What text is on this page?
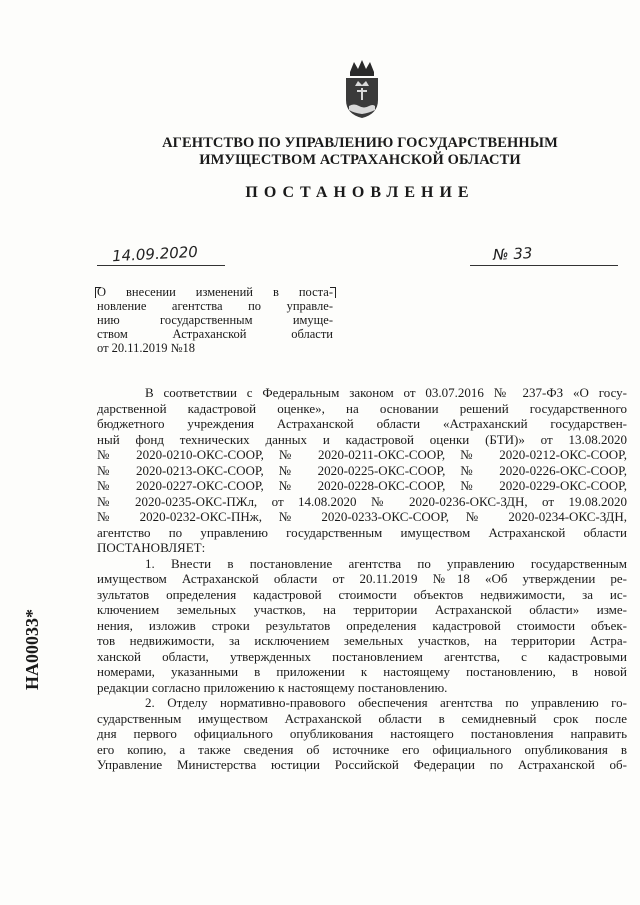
АГЕНТСТВО ПО УПРАВЛЕНИЮ ГОСУДАРСТВЕННЫМ
ИМУЩЕСТВОМ АСТРАХАНСКОЙ ОБЛАСТИ
ПОСТАНОВЛЕНИЕ
14.09.2020	№ 33
О внесении изменений в поста-
новление агентства по управле-
нию государственным имуще-
ством Астраханской области
от 20.11.2019 №18
В соответствии с Федеральным законом от 03.07.2016 № 237-ФЗ «О госу-
дарственной кадастровой оценке», на основании решений государственного
бюджетного учреждения Астраханской области «Астраханский государствен-
ный фонд технических данных и кадастровой оценки (БТИ)» от 13.08.2020
№ 2020-0210-ОКС-СООР, № 2020-0211-ОКС-СООР, № 2020-0212-ОКС-СООР,
№ 2020-0213-ОКС-СООР, № 2020-0225-ОКС-СООР, № 2020-0226-ОКС-СООР,
№ 2020-0227-ОКС-СООР, № 2020-0228-ОКС-СООР, № 2020-0229-ОКС-СООР,
№ 2020-0235-ОКС-ПЖл, от 14.08.2020 № 2020-0236-ОКС-ЗДН, от 19.08.2020
№ 2020-0232-ОКС-ПНж, № 2020-0233-ОКС-СООР, № 2020-0234-ОКС-ЗДН,
агентство по управлению государственным имуществом Астраханской области
ПОСТАНОВЛЯЕТ:
1. Внести в постановление агентства по управлению государственным
имуществом Астраханской области от 20.11.2019 №18 «Об утверждении ре-
зультатов определения кадастровой стоимости объектов недвижимости, за ис-
ключением земельных участков, на территории Астраханской области» изме-
нения, изложив строки результатов определения кадастровой стоимости объек-
тов недвижимости, за исключением земельных участков, на территории Астра-
ханской области, утвержденных постановлением агентства, с кадастровыми
номерами, указанными в приложении к настоящему постановлению, в новой
редакции согласно приложению к настоящему постановлению.
2. Отделу нормативно-правового обеспечения агентства по управлению го-
сударственным имуществом Астраханской области в семидневный срок после
дня первого официального опубликования настоящего постановления направить
его копию, а также сведения об источнике его официального опубликования в
Управление Министерства юстиции Российской Федерации по Астраханской об-
НА00033*
